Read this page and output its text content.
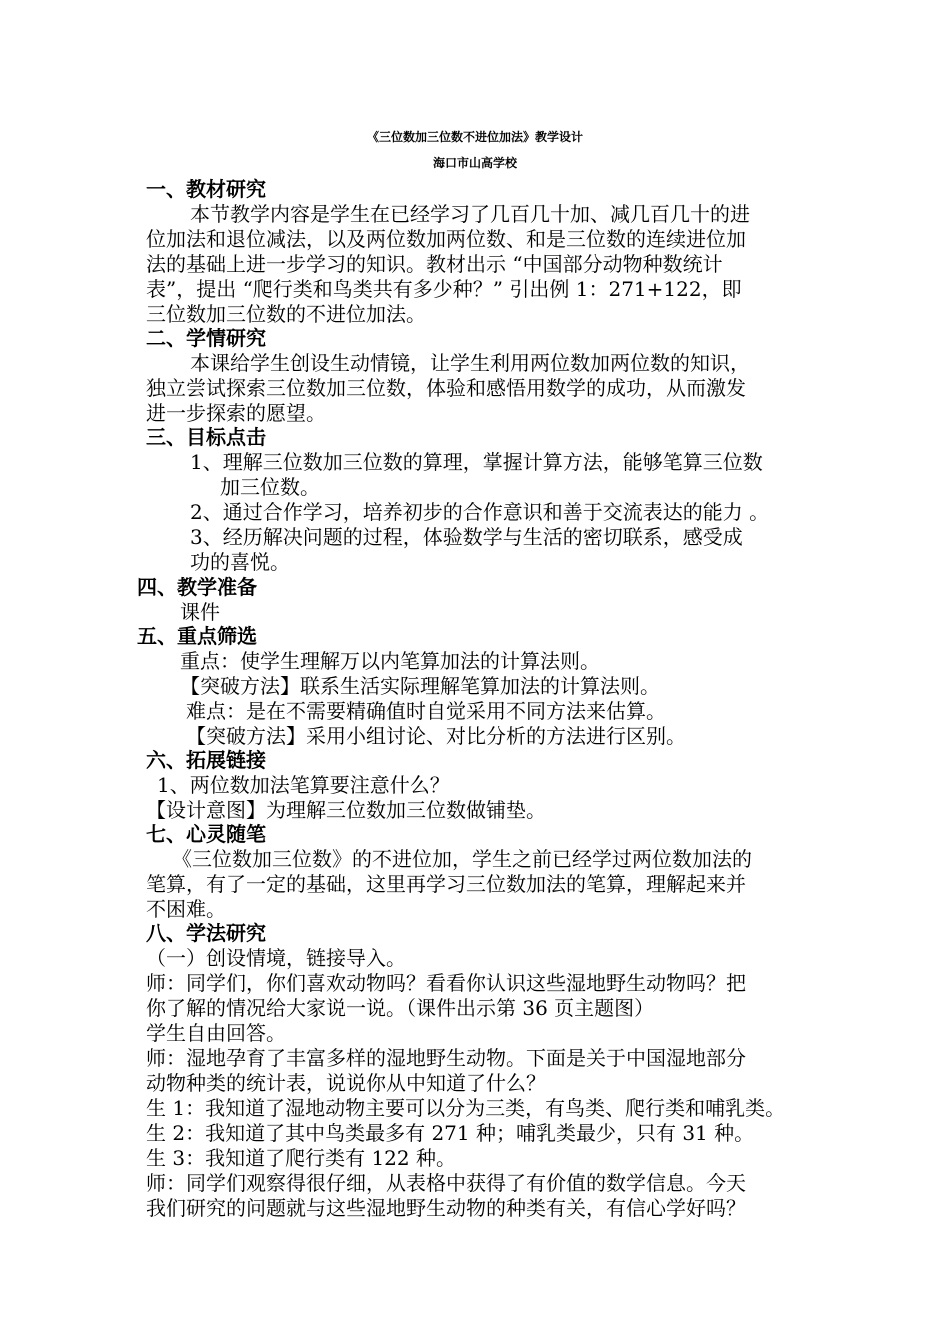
《三位数加三位数不进位加法》教学设计
海口市山高学校
一、教材研究
本节教学内容是学生在已经学习了几百几十加、减几百几十的进
位加法和退位减法，以及两位数加两位数、和是三位数的连续进位加
法的基础上进一步学习的知识。教材出示 “中国部分动物种数统计
表”，提出 “爬行类和鸟类共有多少种？” 引出例 1：271+122，即
三位数加三位数的不进位加法。
二、学情研究
本课给学生创设生动情镜，让学生利用两位数加两位数的知识，
独立尝试探索三位数加三位数，体验和感悟用数学的成功，从而激发
进一步探索的愿望。
三、目标点击
1、理解三位数加三位数的算理，掌握计算方法，能够笔算三位数
加三位数。
2、通过合作学习，培养初步的合作意识和善于交流表达的能力 。
3、经历解决问题的过程，体验数学与生活的密切联系，感受成
功的喜悦。
四、教学准备
课件
五、重点筛选
重点：使学生理解万以内笔算加法的计算法则。
【突破方法】联系生活实际理解笔算加法的计算法则。
难点：是在不需要精确值时自觉采用不同方法来估算。
【突破方法】采用小组讨论、对比分析的方法进行区别。
六、拓展链接
1、两位数加法笔算要注意什么？
【设计意图】为理解三位数加三位数做铺垫。
七、心灵随笔
《三位数加三位数》的不进位加，学生之前已经学过两位数加法的
笔算，有了一定的基础，这里再学习三位数加法的笔算，理解起来并
不困难。
八、学法研究
（一）创设情境，链接导入。
师：同学们，你们喜欢动物吗？看看你认识这些湿地野生动物吗？把
你了解的情况给大家说一说。（课件出示第 36 页主题图）
学生自由回答。
师：湿地孕育了丰富多样的湿地野生动物。下面是关于中国湿地部分
动物种类的统计表，说说你从中知道了什么？
生 1：我知道了湿地动物主要可以分为三类，有鸟类、爬行类和哺乳类。
生 2：我知道了其中鸟类最多有 271 种；哺乳类最少，只有 31 种。
生 3：我知道了爬行类有 122 种。
师：同学们观察得很仔细，从表格中获得了有价值的数学信息。今天
我们研究的问题就与这些湿地野生动物的种类有关，有信心学好吗？
